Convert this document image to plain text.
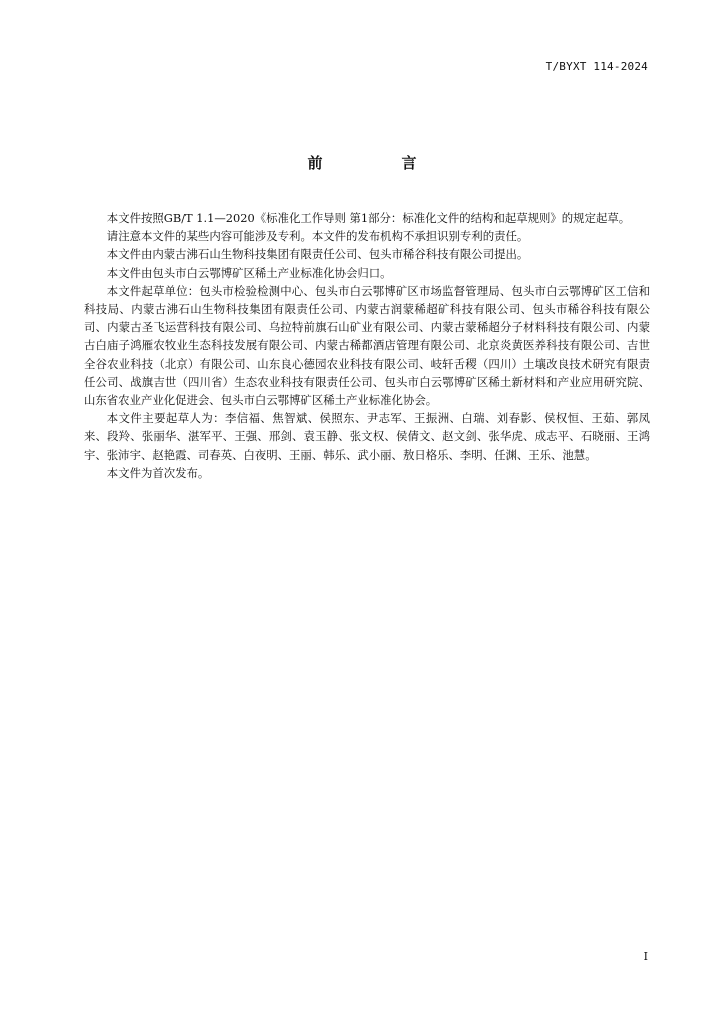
T/BYXT 114-2024
前　言

本文件按照GB/T 1.1—2020《标准化工作导则 第1部分：标准化文件的结构和起草规则》的规定起草。

请注意本文件的某些内容可能涉及专利。本文件的发布机构不承担识别专利的责任。

本文件由内蒙古沸石山生物科技集团有限责任公司、包头市稀谷科技有限公司提出。

本文件由包头市白云鄂博矿区稀土产业标准化协会归口。

本文件起草单位：包头市检验检测中心、包头市白云鄂博矿区市场监督管理局、包头市白云鄂博矿区工信和科技局、内蒙古沸石山生物科技集团有限责任公司、内蒙古润蒙稀超矿科技有限公司、包头市稀谷科技有限公司、内蒙古圣飞运营科技有限公司、乌拉特前旗石山矿业有限公司、内蒙古蒙稀超分子材料科技有限公司、内蒙古白庙子鸿雁农牧业生态科技发展有限公司、内蒙古稀都酒店管理有限公司、北京炎黄医养科技有限公司、吉世全谷农业科技（北京）有限公司、山东良心德园农业科技有限公司、岐轩舌稷（四川）土壤改良技术研究有限责任公司、战旗吉世（四川省）生态农业科技有限责任公司、包头市白云鄂博矿区稀土新材料和产业应用研究院、山东省农业产业化促进会、包头市白云鄂博矿区稀土产业标准化协会。

本文件主要起草人为：李信福、焦智斌、侯照东、尹志军、王振洲、白瑞、刘春影、侯权恒、王茹、郭凤来、段羚、张丽华、湛军平、王强、邢剑、袁玉静、张文权、侯倩文、赵文剑、张华虎、成志平、石晓丽、王鸿宇、张沛宇、赵艳霞、司春英、白夜明、王丽、韩乐、武小丽、敖日格乐、李明、任渊、王乐、池慧。

本文件为首次发布。

I
